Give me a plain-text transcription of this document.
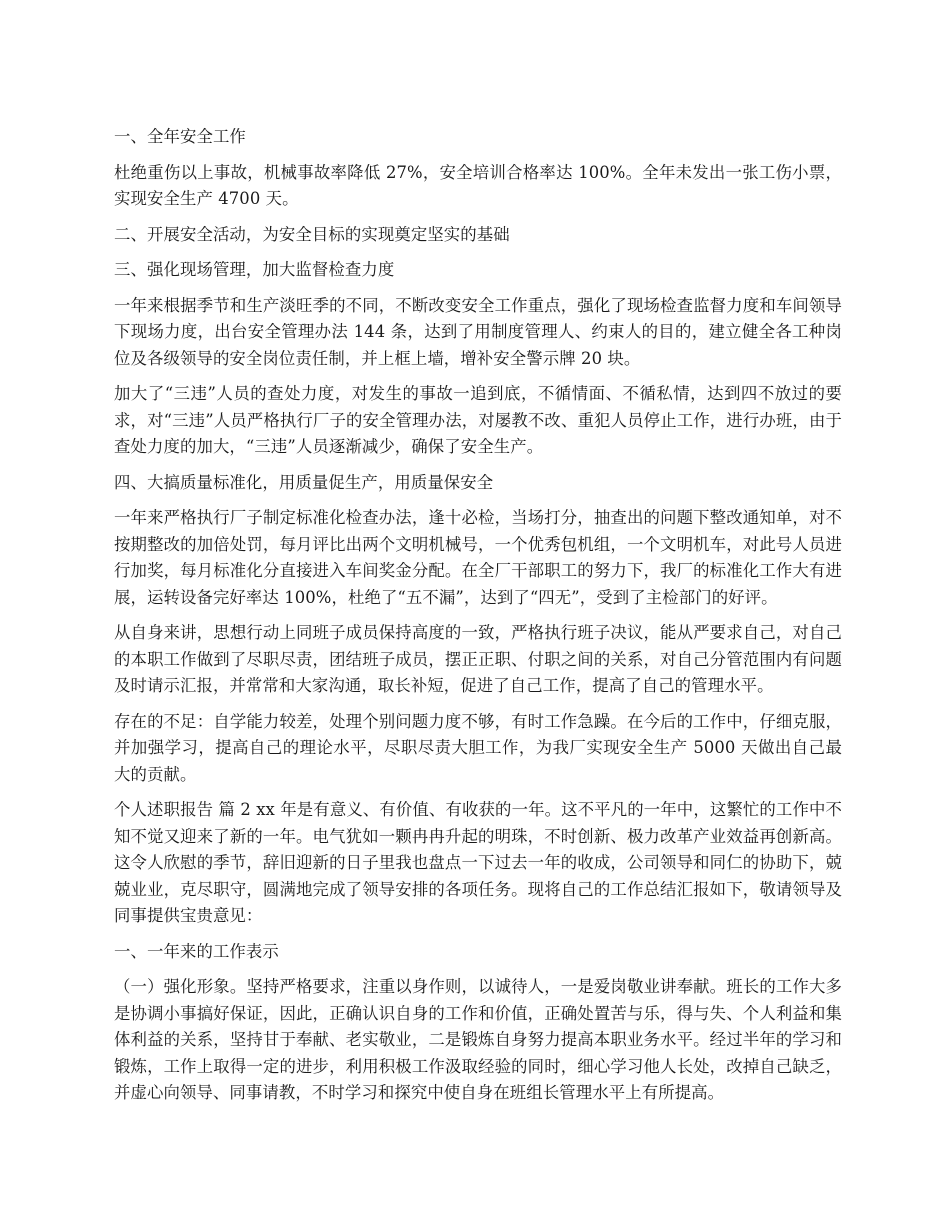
一、全年安全工作

杜绝重伤以上事故，机械事故率降低 27%，安全培训合格率达 100%。全年未发出一张工伤小票，实现安全生产 4700 天。

二、开展安全活动，为安全目标的实现奠定坚实的基础

三、强化现场管理，加大监督检查力度

一年来根据季节和生产淡旺季的不同，不断改变安全工作重点，强化了现场检查监督力度和车间领导下现场力度，出台安全管理办法 144 条，达到了用制度管理人、约束人的目的，建立健全各工种岗位及各级领导的安全岗位责任制，并上框上墙，增补安全警示牌 20 块。

加大了“三违”人员的查处力度，对发生的事故一追到底，不循情面、不循私情，达到四不放过的要求，对“三违”人员严格执行厂子的安全管理办法，对屡教不改、重犯人员停止工作，进行办班，由于查处力度的加大，“三违”人员逐渐减少，确保了安全生产。

四、大搞质量标准化，用质量促生产，用质量保安全

一年来严格执行厂子制定标准化检查办法，逢十必检，当场打分，抽查出的问题下整改通知单，对不按期整改的加倍处罚，每月评比出两个文明机械号，一个优秀包机组，一个文明机车，对此号人员进行加奖，每月标准化分直接进入车间奖金分配。在全厂干部职工的努力下，我厂的标准化工作大有进展，运转设备完好率达 100%，杜绝了“五不漏”，达到了“四无”，受到了主检部门的好评。

从自身来讲，思想行动上同班子成员保持高度的一致，严格执行班子决议，能从严要求自己，对自己的本职工作做到了尽职尽责，团结班子成员，摆正正职、付职之间的关系，对自己分管范围内有问题及时请示汇报，并常常和大家沟通，取长补短，促进了自己工作，提高了自己的管理水平。

存在的不足：自学能力较差，处理个别问题力度不够，有时工作急躁。在今后的工作中，仔细克服，并加强学习，提高自己的理论水平，尽职尽责大胆工作，为我厂实现安全生产 5000 天做出自己最大的贡献。

个人述职报告 篇 2 xx 年是有意义、有价值、有收获的一年。这不平凡的一年中，这繁忙的工作中不知不觉又迎来了新的一年。电气犹如一颗冉冉升起的明珠，不时创新、极力改革产业效益再创新高。这令人欣慰的季节，辞旧迎新的日子里我也盘点一下过去一年的收成，公司领导和同仁的协助下，兢兢业业，克尽职守，圆满地完成了领导安排的各项任务。现将自己的工作总结汇报如下，敬请领导及同事提供宝贵意见：

一、一年来的工作表示

（一）强化形象。坚持严格要求，注重以身作则，以诚待人，一是爱岗敬业讲奉献。班长的工作大多是协调小事搞好保证，因此，正确认识自身的工作和价值，正确处置苦与乐，得与失、个人利益和集体利益的关系，坚持甘于奉献、老实敬业，二是锻炼自身努力提高本职业务水平。经过半年的学习和锻炼，工作上取得一定的进步，利用积极工作汲取经验的同时，细心学习他人长处，改掉自己缺乏，并虚心向领导、同事请教，不时学习和探究中使自身在班组长管理水平上有所提高。
